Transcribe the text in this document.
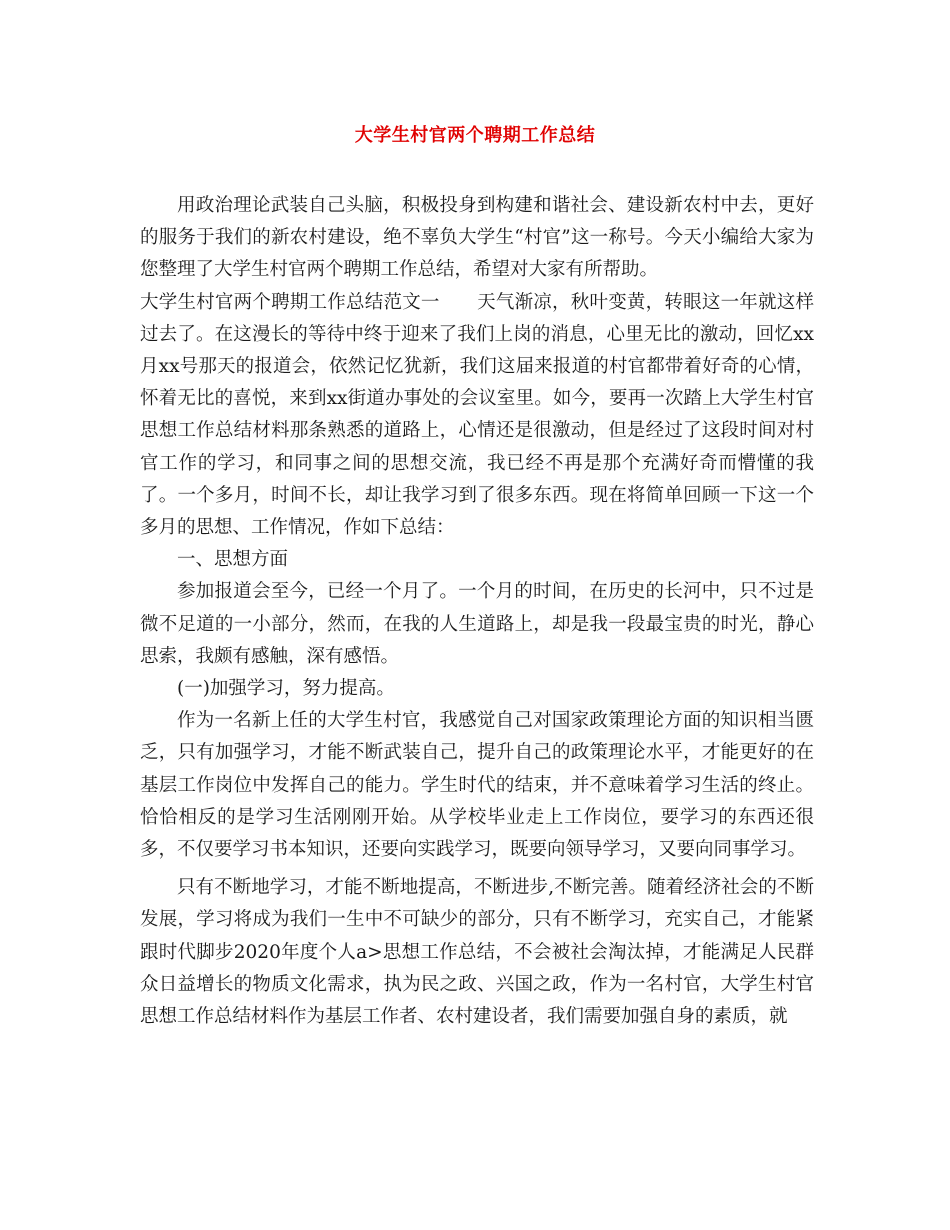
大学生村官两个聘期工作总结

用政治理论武装自己头脑，积极投身到构建和谐社会、建设新农村中去，更好的服务于我们的新农村建设，绝不辜负大学生“村官”这一称号。今天小编给大家为您整理了大学生村官两个聘期工作总结，希望对大家有所帮助。

大学生村官两个聘期工作总结范文一　　天气渐凉，秋叶变黄，转眼这一年就这样过去了。在这漫长的等待中终于迎来了我们上岗的消息，心里无比的激动，回忆xx月xx号那天的报道会，依然记忆犹新，我们这届来报道的村官都带着好奇的心情，怀着无比的喜悦，来到xx街道办事处的会议室里。如今，要再一次踏上大学生村官思想工作总结材料那条熟悉的道路上，心情还是很激动，但是经过了这段时间对村官工作的学习，和同事之间的思想交流，我已经不再是那个充满好奇而懵懂的我了。一个多月，时间不长，却让我学习到了很多东西。现在将简单回顾一下这一个多月的思想、工作情况，作如下总结：

一、思想方面

参加报道会至今，已经一个月了。一个月的时间，在历史的长河中，只不过是微不足道的一小部分，然而，在我的人生道路上，却是我一段最宝贵的时光，静心思索，我颇有感触，深有感悟。

(一)加强学习，努力提高。

作为一名新上任的大学生村官，我感觉自己对国家政策理论方面的知识相当匮乏，只有加强学习，才能不断武装自己，提升自己的政策理论水平，才能更好的在基层工作岗位中发挥自己的能力。学生时代的结束，并不意味着学习生活的终止。恰恰相反的是学习生活刚刚开始。从学校毕业走上工作岗位，要学习的东西还很多，不仅要学习书本知识，还要向实践学习，既要向领导学习，又要向同事学习。

只有不断地学习，才能不断地提高，不断进步,不断完善。随着经济社会的不断发展，学习将成为我们一生中不可缺少的部分，只有不断学习，充实自己，才能紧跟时代脚步2020年度个人a>思想工作总结，不会被社会淘汰掉，才能满足人民群众日益增长的物质文化需求，执为民之政、兴国之政，作为一名村官，大学生村官思想工作总结材料作为基层工作者、农村建设者，我们需要加强自身的素质，就
